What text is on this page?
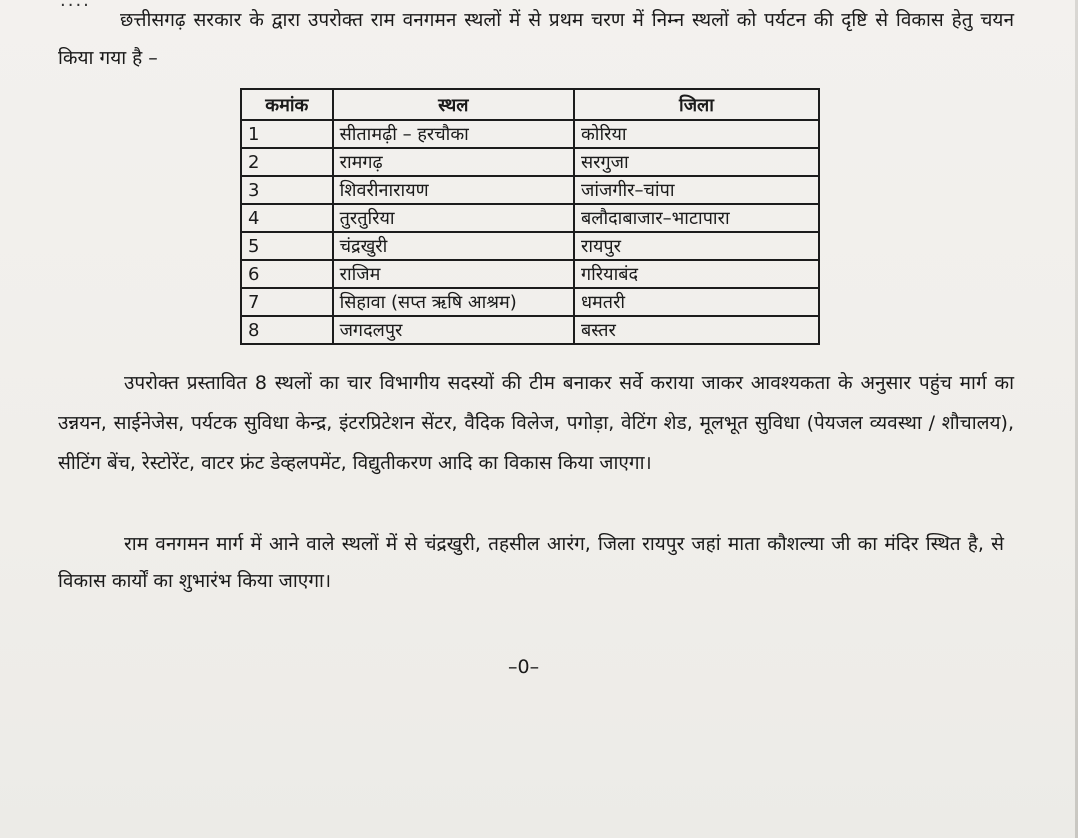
....

छत्तीसगढ़ सरकार के द्वारा उपरोक्त राम वनगमन स्थलों में से प्रथम चरण में निम्न स्थलों को पर्यटन की दृष्टि से विकास हेतु चयन किया गया है –

कमांक	स्थल	जिला
1	सीतामढ़ी – हरचौका	कोरिया
2	रामगढ़	सरगुजा
3	शिवरीनारायण	जांजगीर–चांपा
4	तुरतुरिया	बलौदाबाजार–भाटापारा
5	चंद्रखुरी	रायपुर
6	राजिम	गरियाबंद
7	सिहावा (सप्त ऋषि आश्रम)	धमतरी
8	जगदलपुर	बस्तर

उपरोक्त प्रस्तावित 8 स्थलों का चार विभागीय सदस्यों की टीम बनाकर सर्वे कराया जाकर आवश्यकता के अनुसार पहुंच मार्ग का उन्नयन, साईनेजेस, पर्यटक सुविधा केन्द्र, इंटरप्रिटेशन सेंटर, वैदिक विलेज, पगोड़ा, वेटिंग शेड, मूलभूत सुविधा (पेयजल व्यवस्था / शौचालय), सीटिंग बेंच, रेस्टोरेंट, वाटर फ्रंट डेव्हलपमेंट, विद्युतीकरण आदि का विकास किया जाएगा।

राम वनगमन मार्ग में आने वाले स्थलों में से चंद्रखुरी, तहसील आरंग, जिला रायपुर जहां माता कौशल्या जी का मंदिर स्थित है, से विकास कार्यों का शुभारंभ किया जाएगा।

–0–
